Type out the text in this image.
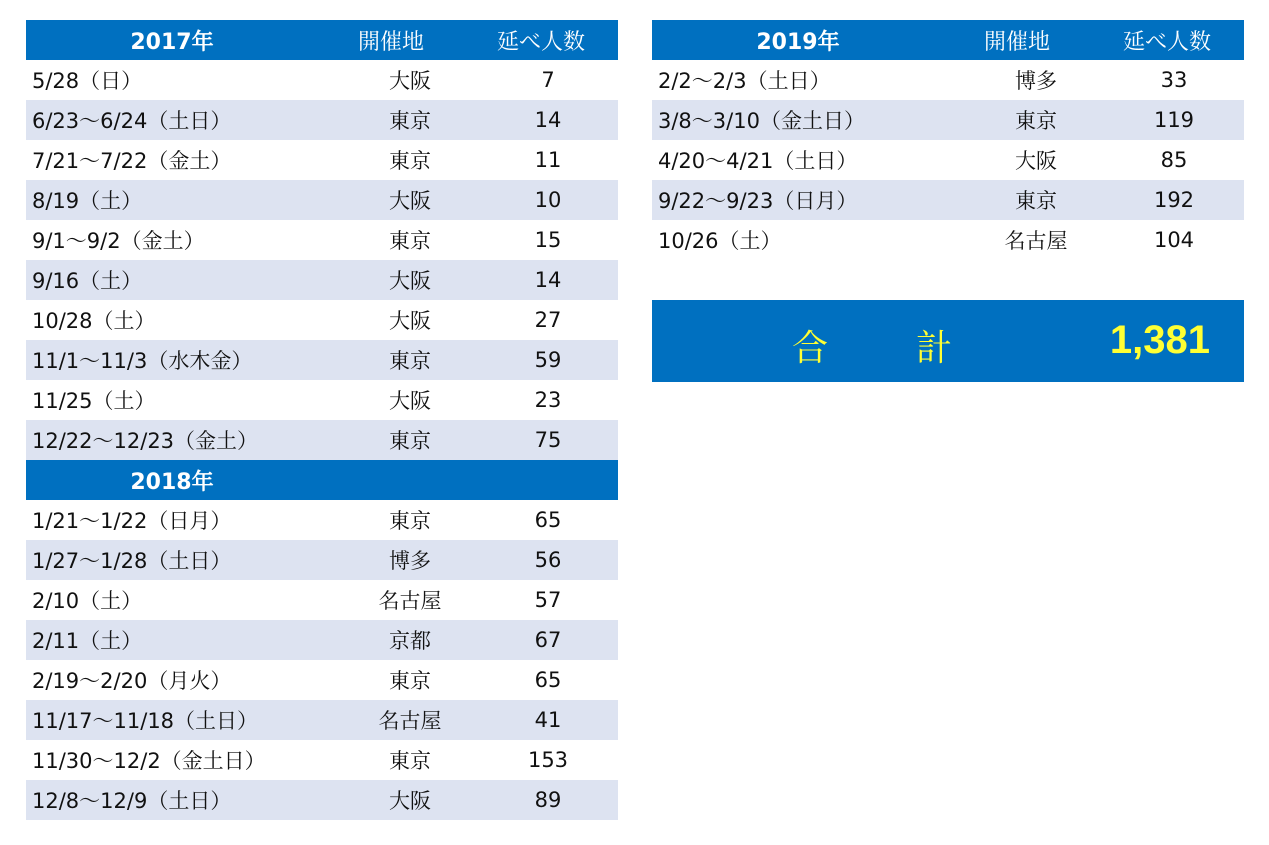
2017年	開催地	延べ人数
5/28（日）	大阪	7
6/23～6/24（土日）	東京	14
7/21～7/22（金土）	東京	11
8/19（土）	大阪	10
9/1～9/2（金土）	東京	15
9/16（土）	大阪	14
10/28（土）	大阪	27
11/1～11/3（水木金）	東京	59
11/25（土）	大阪	23
12/22～12/23（金土）	東京	75
2018年
1/21～1/22（日月）	東京	65
1/27～1/28（土日）	博多	56
2/10（土）	名古屋	57
2/11（土）	京都	67
2/19～2/20（月火）	東京	65
11/17～11/18（土日）	名古屋	41
11/30～12/2（金土日）	東京	153
12/8～12/9（土日）	大阪	89
2019年	開催地	延べ人数
2/2～2/3（土日）	博多	33
3/8～3/10（金土日）	東京	119
4/20～4/21（土日）	大阪	85
9/22～9/23（日月）	東京	192
10/26（土）	名古屋	104
合 計	1,381
